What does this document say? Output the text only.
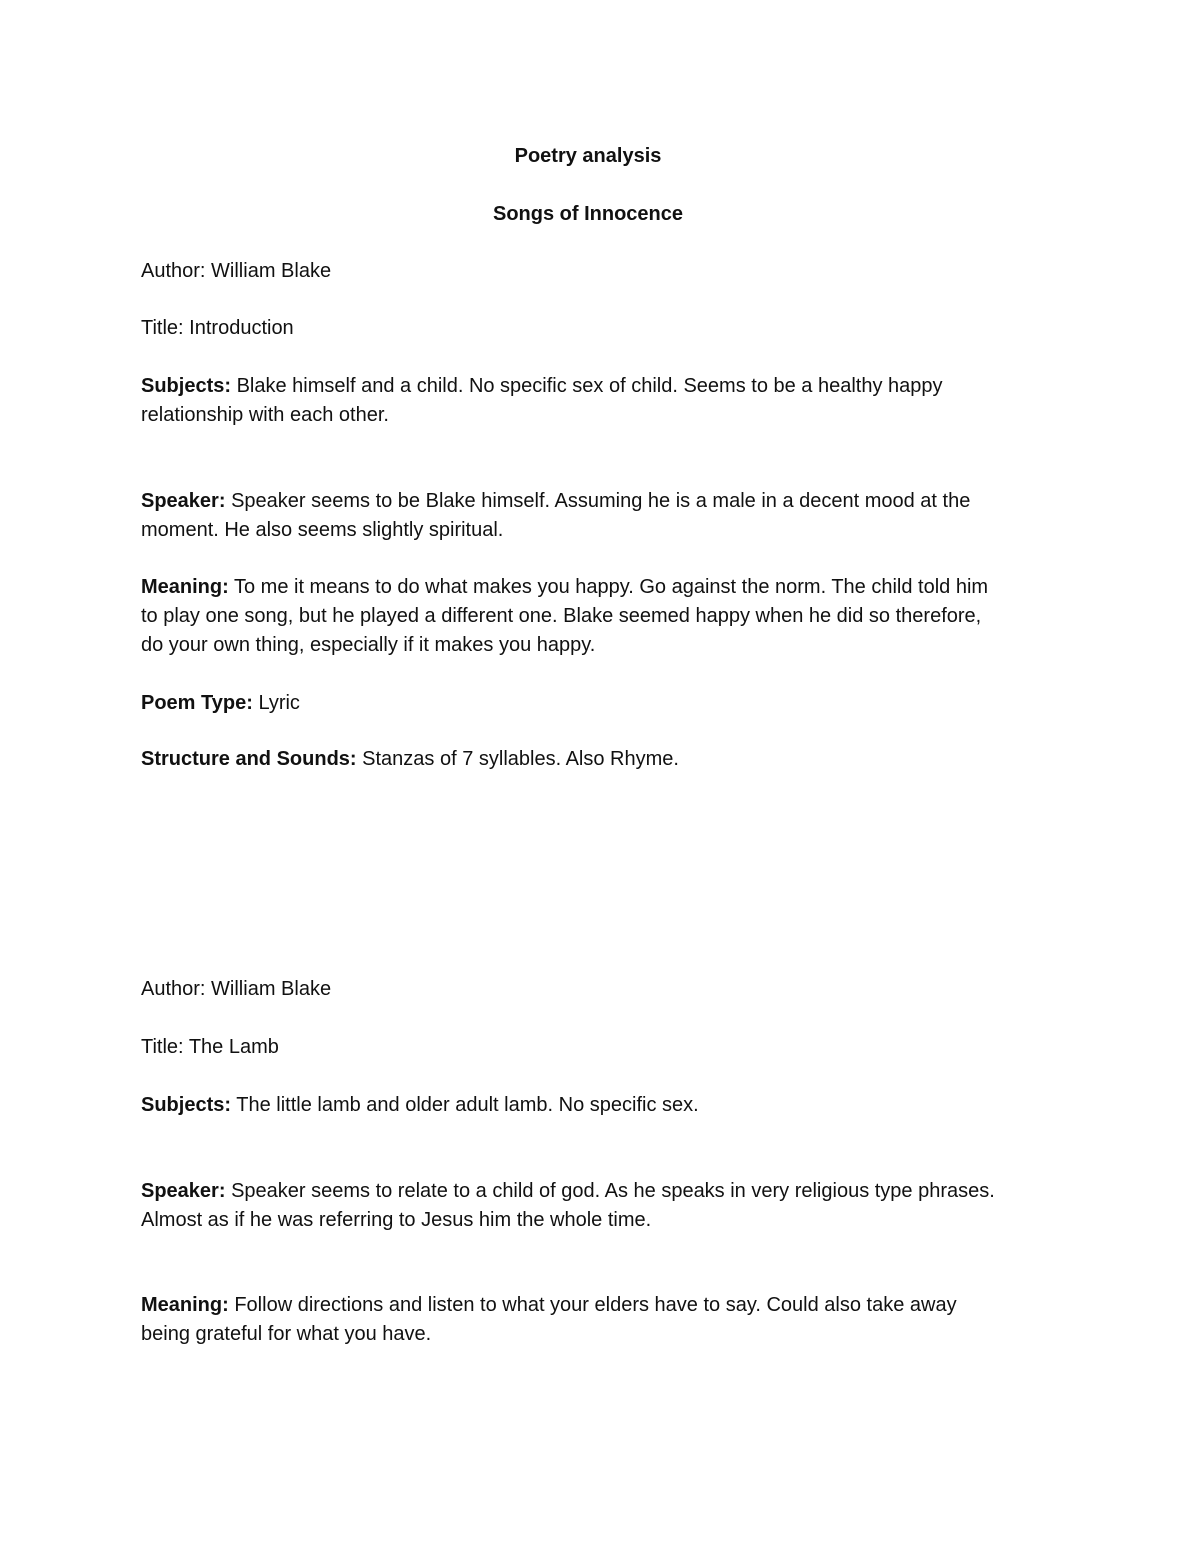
Poetry analysis
Songs of Innocence
Author: William Blake
Title: Introduction
Subjects: Blake himself and a child. No specific sex of child. Seems to be a healthy happy
relationship with each other.
Speaker: Speaker seems to be Blake himself. Assuming he is a male in a decent mood at the
moment. He also seems slightly spiritual.
Meaning: To me it means to do what makes you happy. Go against the norm. The child told him
to play one song, but he played a different one. Blake seemed happy when he did so therefore,
do your own thing, especially if it makes you happy.
Poem Type: Lyric
Structure and Sounds: Stanzas of 7 syllables. Also Rhyme.
Author: William Blake
Title: The Lamb
Subjects: The little lamb and older adult lamb. No specific sex.
Speaker: Speaker seems to relate to a child of god. As he speaks in very religious type phrases.
Almost as if he was referring to Jesus him the whole time.
Meaning: Follow directions and listen to what your elders have to say. Could also take away
being grateful for what you have.
